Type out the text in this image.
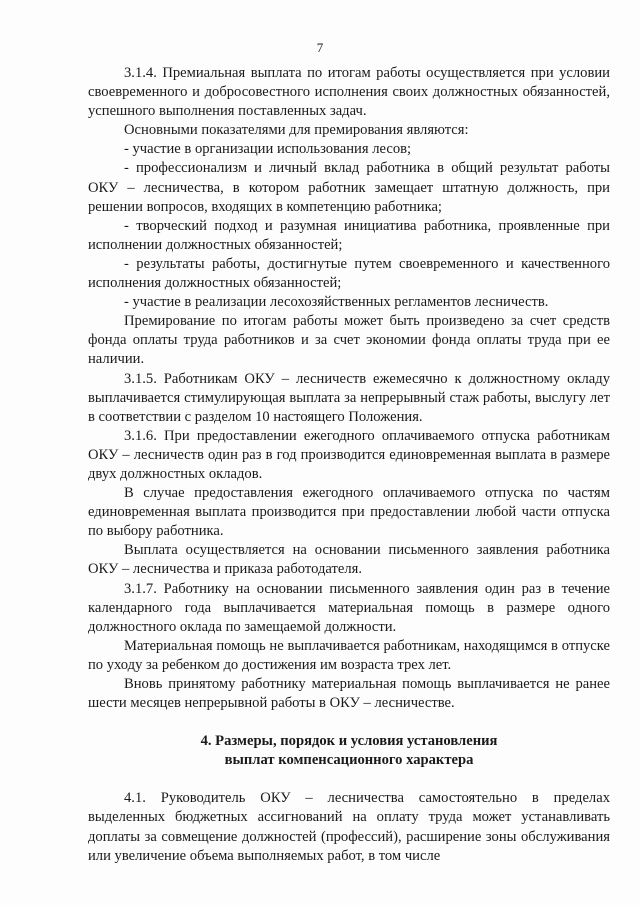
7

3.1.4. Премиальная выплата по итогам работы осуществляется при условии своевременного и добросовестного исполнения своих должностных обязанностей, успешного выполнения поставленных задач.

Основными показателями для премирования являются:

- участие в организации использования лесов;

- профессионализм и личный вклад работника в общий результат работы ОКУ – лесничества, в котором работник замещает штатную должность, при решении вопросов, входящих в компетенцию работника;

- творческий подход и разумная инициатива работника, проявленные при исполнении должностных обязанностей;

- результаты работы, достигнутые путем своевременного и качественного исполнения должностных обязанностей;

- участие в реализации лесохозяйственных регламентов лесничеств.

Премирование по итогам работы может быть произведено за счет средств фонда оплаты труда работников и за счет экономии фонда оплаты труда при ее наличии.

3.1.5. Работникам ОКУ – лесничеств ежемесячно к должностному окладу выплачивается стимулирующая выплата за непрерывный стаж работы, выслугу лет в соответствии с разделом 10 настоящего Положения.

3.1.6. При предоставлении ежегодного оплачиваемого отпуска работникам ОКУ – лесничеств один раз в год производится единовременная выплата в размере двух должностных окладов.

В случае предоставления ежегодного оплачиваемого отпуска по частям единовременная выплата производится при предоставлении любой части отпуска по выбору работника.

Выплата осуществляется на основании письменного заявления работника ОКУ – лесничества и приказа работодателя.

3.1.7. Работнику на основании письменного заявления один раз в течение календарного года выплачивается материальная помощь в размере одного должностного оклада по замещаемой должности.

Материальная помощь не выплачивается работникам, находящимся в отпуске по уходу за ребенком до достижения им возраста трех лет.

Вновь принятому работнику материальная помощь выплачивается не ранее шести месяцев непрерывной работы в ОКУ – лесничестве.

4. Размеры, порядок и условия установления
выплат компенсационного характера

4.1. Руководитель ОКУ – лесничества самостоятельно в пределах выделенных бюджетных ассигнований на оплату труда может устанавливать доплаты за совмещение должностей (профессий), расширение зоны обслуживания или увеличение объема выполняемых работ, в том числе
